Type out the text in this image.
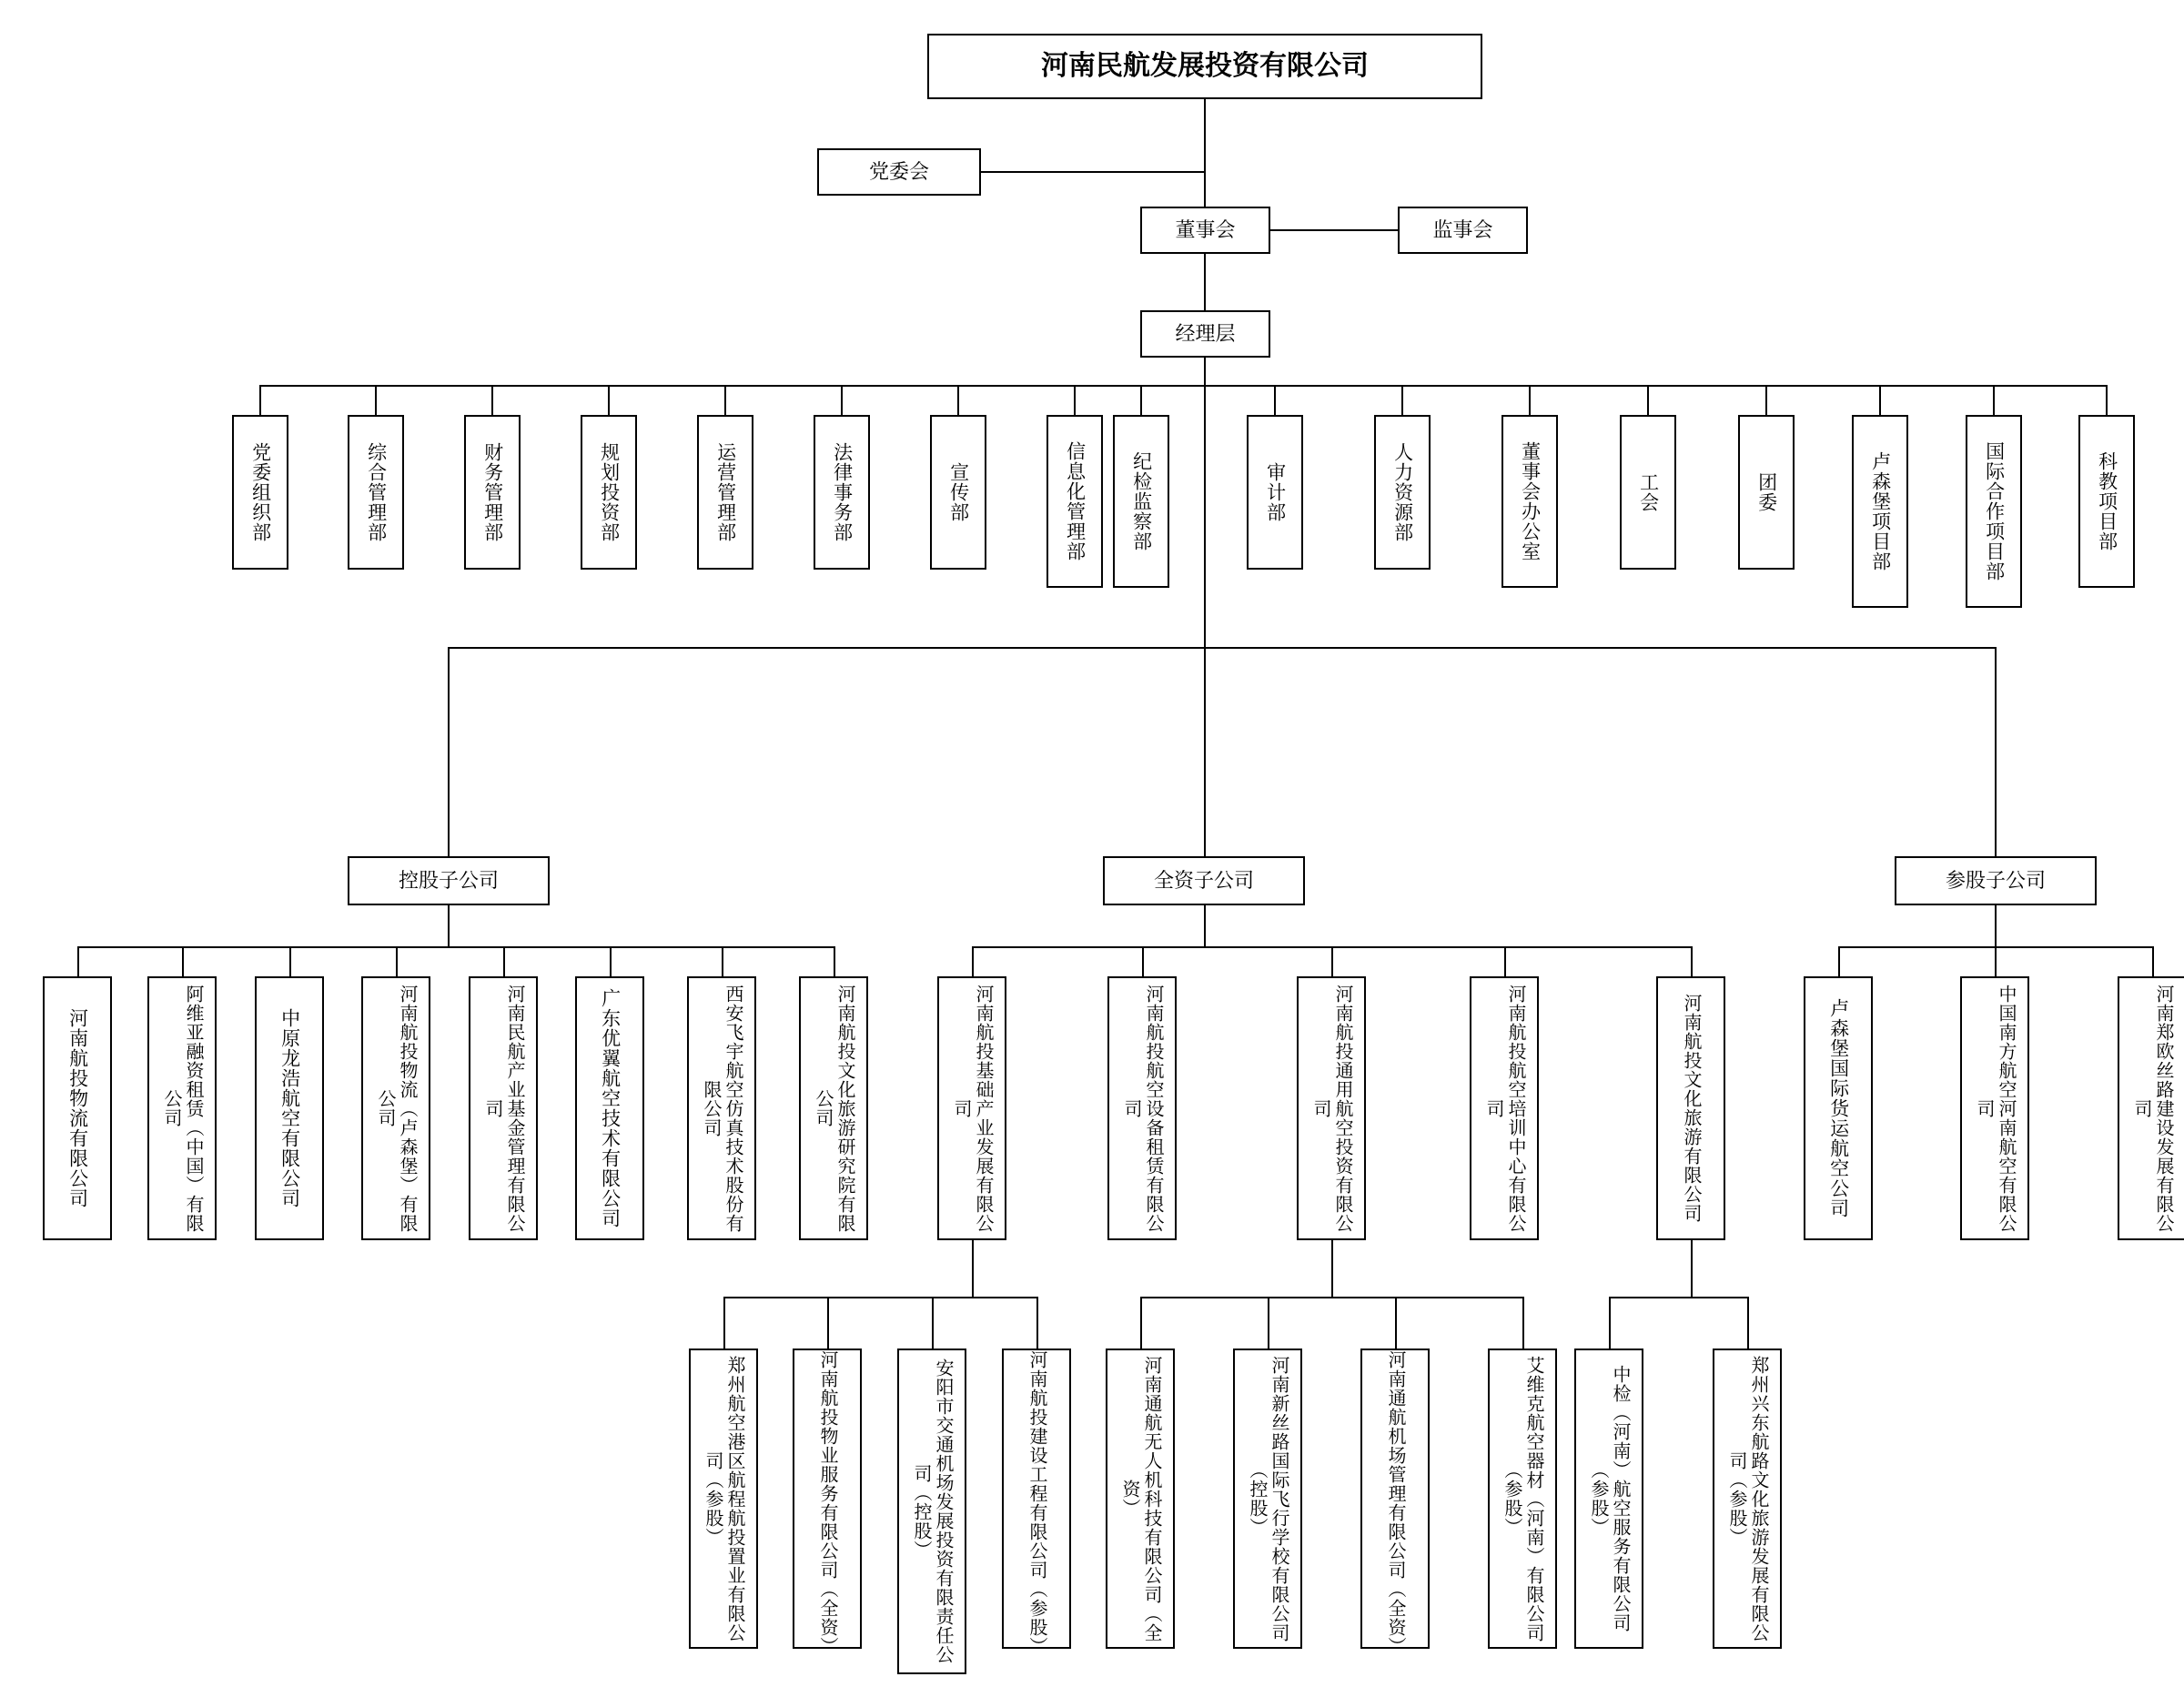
河南民航发展投资有限公司
党委会
董事会	监事会
经理层
党委组织部	综合管理部	财务管理部	规划投资部	运营管理部	法律事务部	宣传部	信息化管理部 纪检监察部	审计部	人力资源部	董事会办公室	工会	团委	卢森堡项目部	国际合作项目部	科教项目部
控股子公司	全资子公司	参股子公司
河南航投物流有限公司	阿维亚融资租赁（中国）有限公司	中原龙浩航空有限公司	河南航投物流（卢森堡）有限公司	河南民航产业基金管理有限公司	广东优翼航空技术有限公司	西安飞宇航空仿真技术股份有限公司	河南航投文化旅游研究院有限公司	河南航投基础产业发展有限公司	河南航投航空设备租赁有限公司	河南航投通用航空投资有限公司	河南航投航空培训中心有限公司	河南航投文化旅游有限公司	卢森堡国际货运航空公司	中国南方航空河南航空有限公司	河南郑欧丝路建设发展有限公司
郑州航空港区航程航投置业有限公司（参股）	河南航投物业服务有限公司（全资）	安阳市交通机场发展投资有限责任公司（控股）	河南航投建设工程有限公司（参股）	河南通航无人机科技有限公司（全资）	河南新丝路国际飞行学校有限公司（控股）	河南通航机场管理有限公司（全资）	艾维克航空器材（河南）有限公司（参股）	中检（河南）航空服务有限公司（参股）	郑州兴东航路文化旅游发展有限公司（参股）
